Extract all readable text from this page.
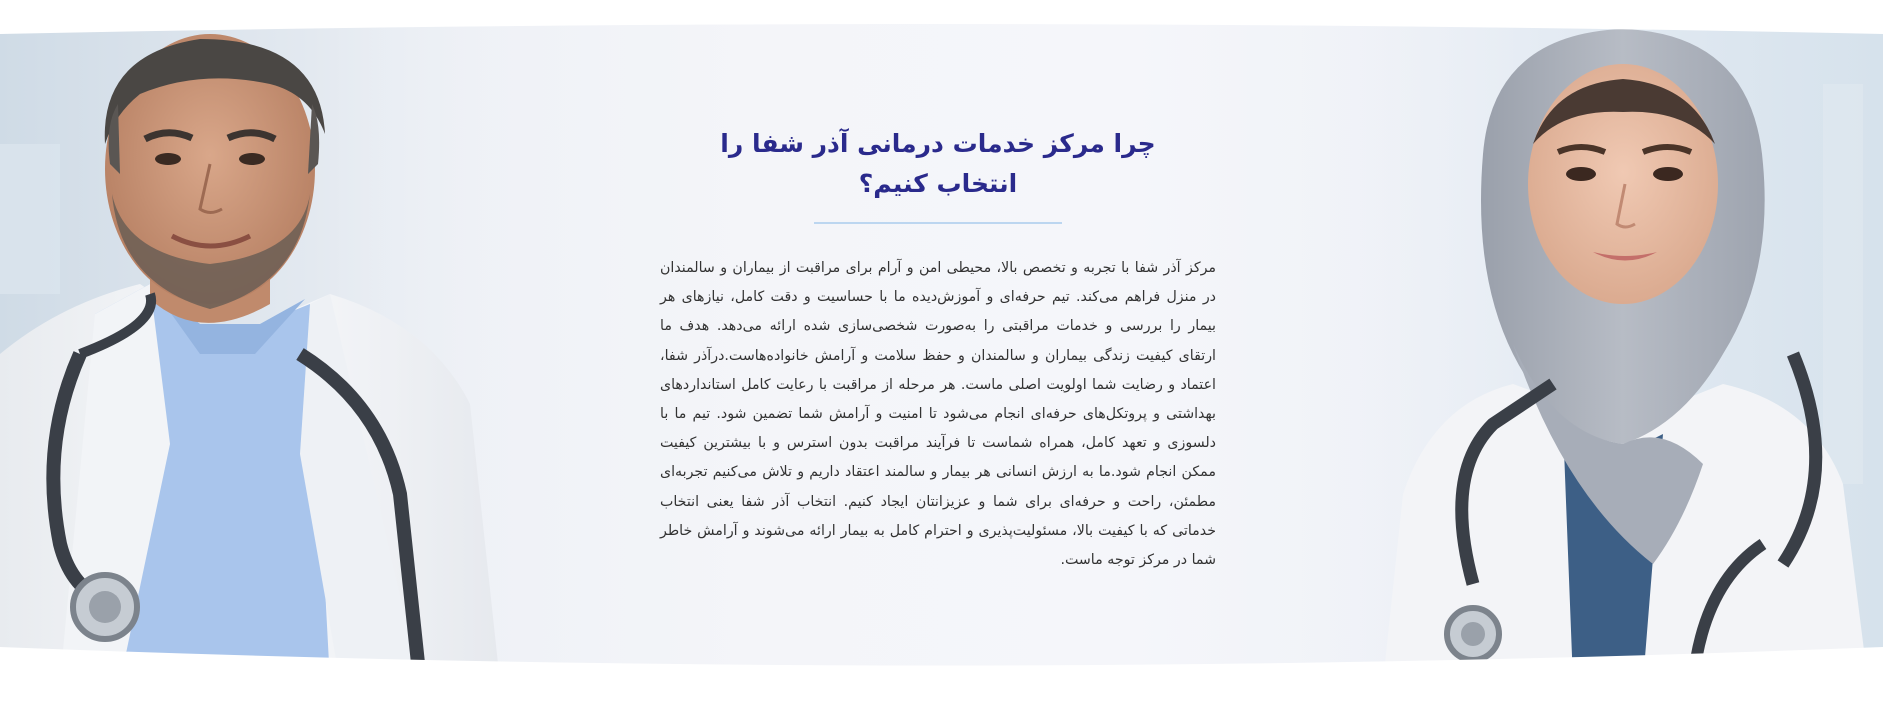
چرا مرکز خدمات درمانی آذر شفا را
انتخاب کنیم؟

مرکز آذر شفا با تجربه و تخصص بالا، محیطی امن و آرام برای مراقبت از بیماران و سالمندان در منزل فراهم می‌کند. تیم حرفه‌ای و آموزش‌دیده ما با حساسیت و دقت کامل، نیازهای هر بیمار را بررسی و خدمات مراقبتی را به‌صورت شخصی‌سازی شده ارائه می‌دهد. هدف ما ارتقای کیفیت زندگی بیماران و سالمندان و حفظ سلامت و آرامش خانواده‌هاست.درآذر شفا، اعتماد و رضایت شما اولویت اصلی ماست. هر مرحله از مراقبت با رعایت کامل استانداردهای بهداشتی و پروتکل‌های حرفه‌ای انجام می‌شود تا امنیت و آرامش شما تضمین شود. تیم ما با دلسوزی و تعهد کامل، همراه شماست تا فرآیند مراقبت بدون استرس و با بیشترین کیفیت ممکن انجام شود.ما به ارزش انسانی هر بیمار و سالمند اعتقاد داریم و تلاش می‌کنیم تجربه‌ای مطمئن، راحت و حرفه‌ای برای شما و عزیزانتان ایجاد کنیم. انتخاب آذر شفا یعنی انتخاب خدماتی که با کیفیت بالا، مسئولیت‌پذیری و احترام کامل به بیمار ارائه می‌شوند و آرامش خاطر شما در مرکز توجه ماست.
